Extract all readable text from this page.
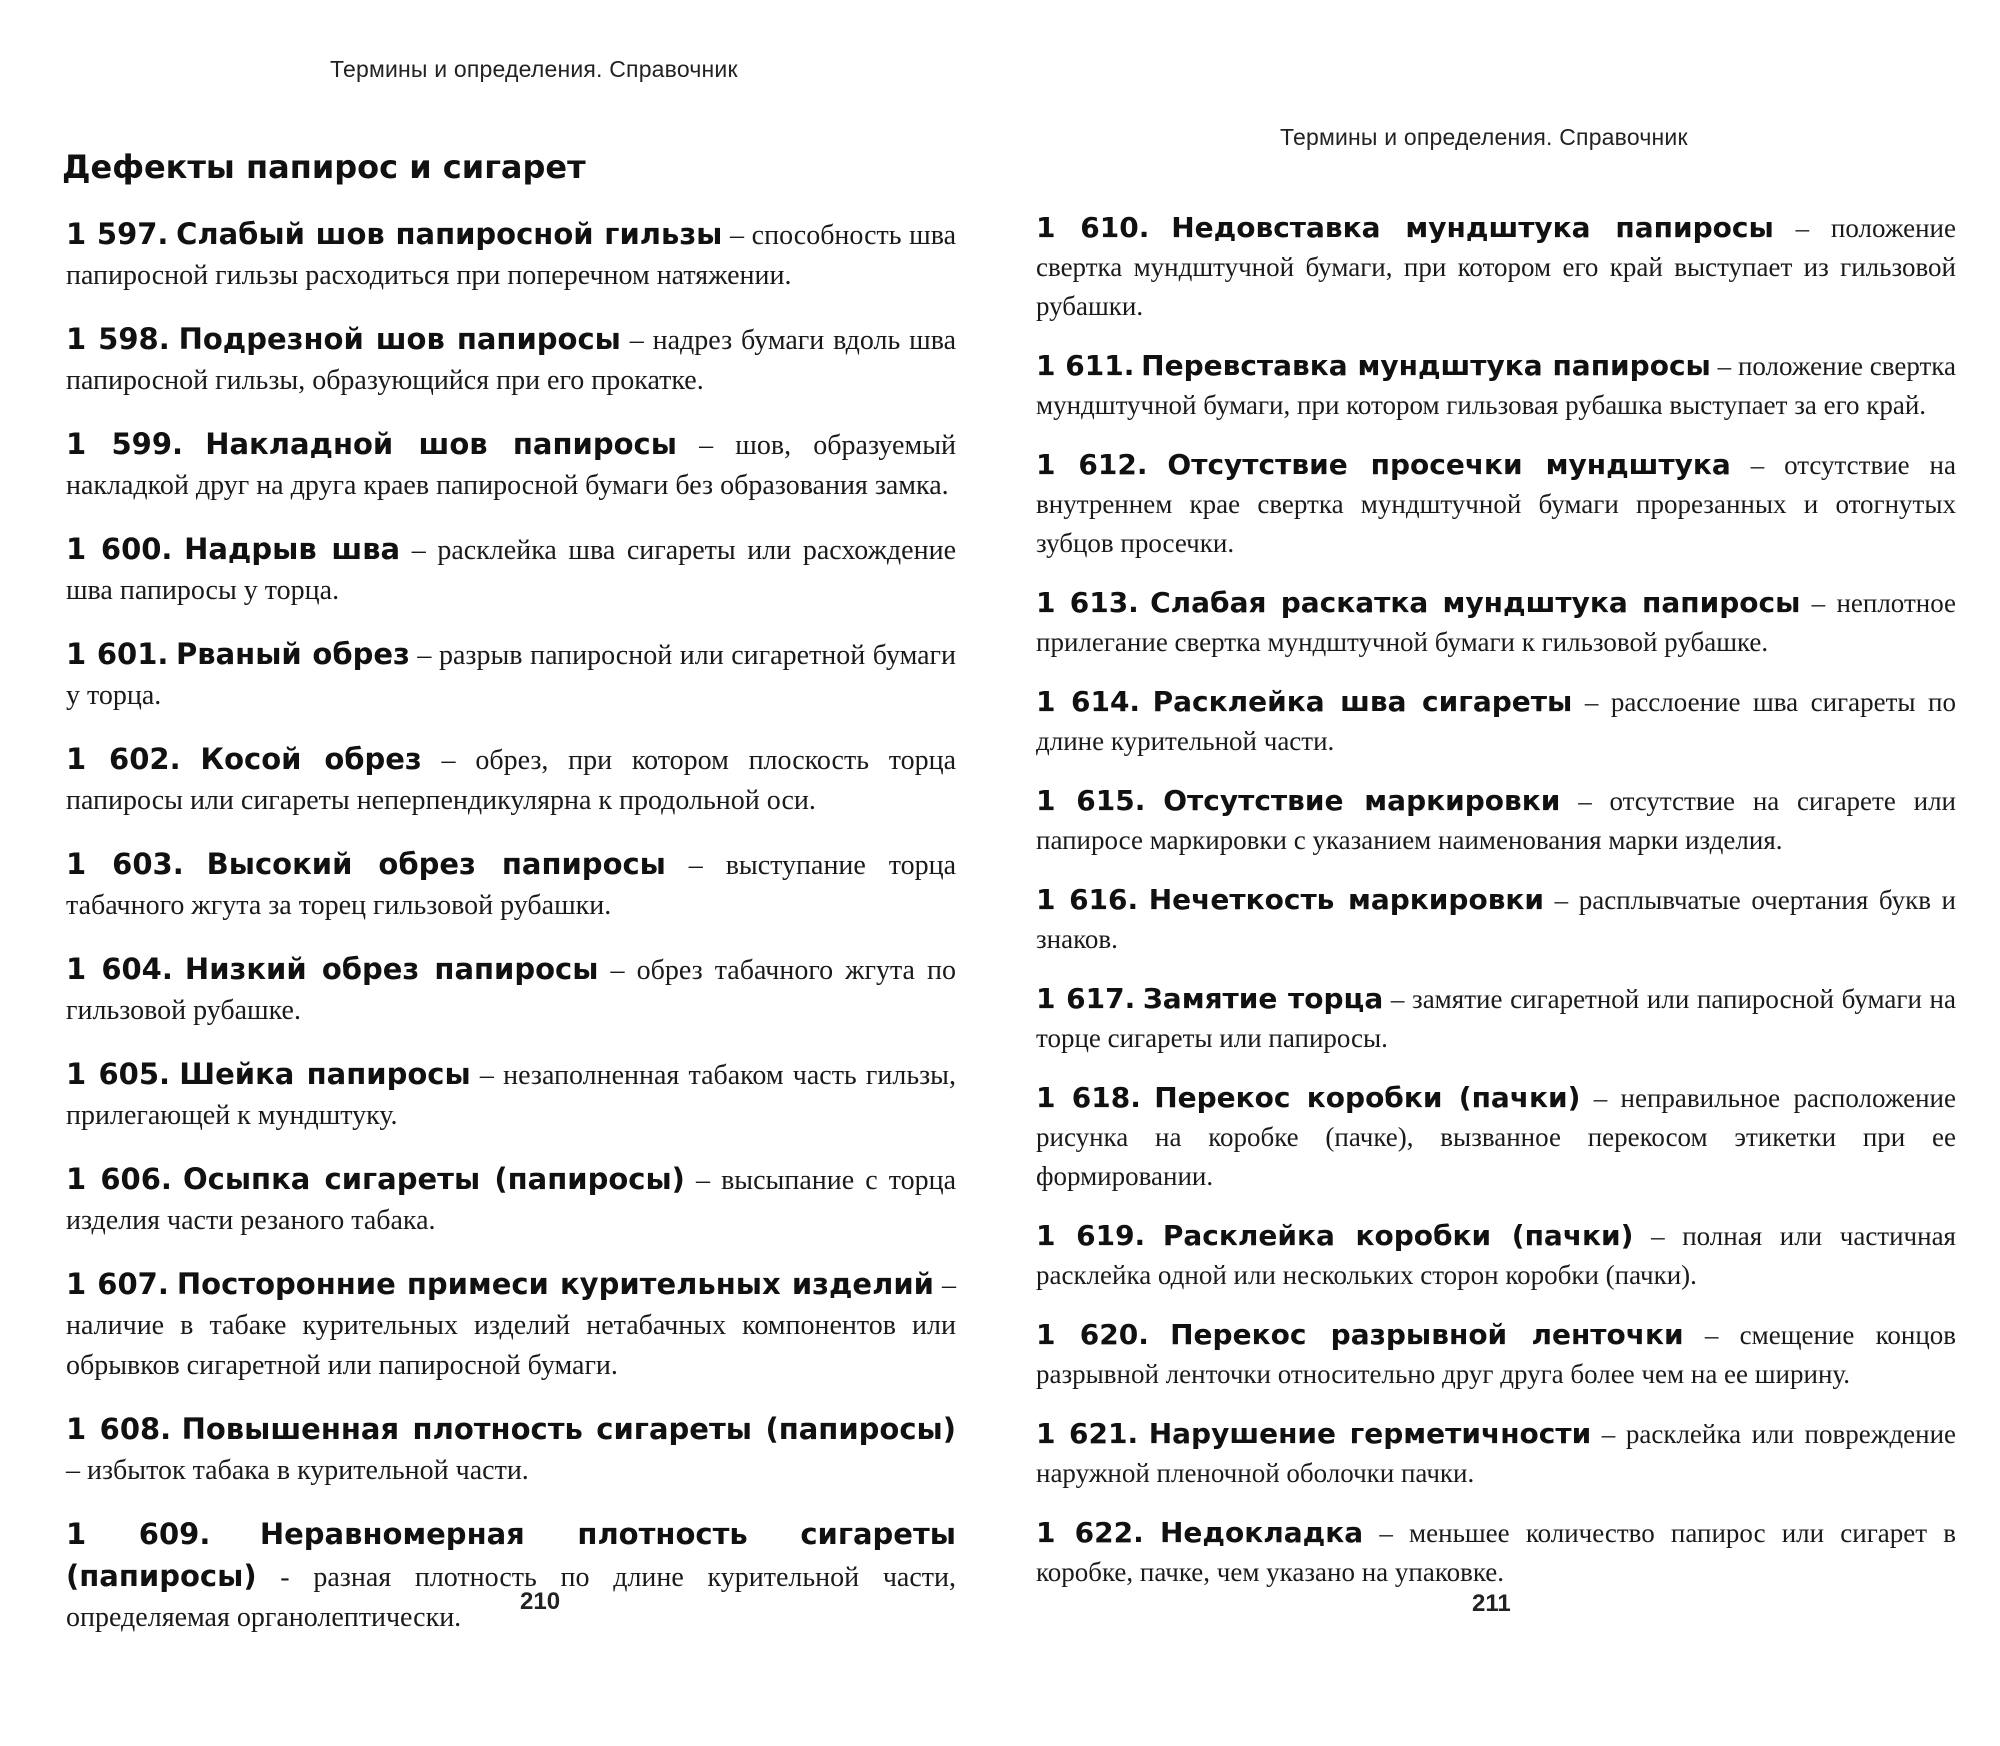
Термины и определения. Справочник
Дефекты папирос и сигарет

1 597. Слабый шов папиросной гильзы – способность шва папиросной гильзы расходиться при поперечном натяжении.

1 598. Подрезной шов папиросы – надрез бумаги вдоль шва папиросной гильзы, образующийся при его прокатке.

1 599. Накладной шов папиросы – шов, образуемый накладкой друг на друга краев папиросной бумаги без образования замка.

1 600. Надрыв шва – расклейка шва сигареты или расхождение шва папиросы у торца.

1 601. Рваный обрез – разрыв папиросной или сигаретной бумаги у торца.

1 602. Косой обрез – обрез, при котором плоскость торца папиросы или сигареты неперпендикулярна к продольной оси.

1 603. Высокий обрез папиросы – выступание торца табачного жгута за торец гильзовой рубашки.

1 604. Низкий обрез папиросы – обрез табачного жгута по гильзовой рубашке.

1 605. Шейка папиросы – незаполненная табаком часть гильзы, прилегающей к мундштуку.

1 606. Осыпка сигареты (папиросы) – высыпание с торца изделия части резаного табака.

1 607. Посторонние примеси курительных изделий – наличие в табаке курительных изделий нетабачных компонентов или обрывков сигаретной или папиросной бумаги.

1 608. Повышенная плотность сигареты (папиросы) – избыток табака в курительной части.

1 609. Неравномерная плотность сигареты (папиросы) - разная плотность по длине курительной части, определяемая органолептически.

210
Термины и определения. Справочник

1 610. Недовставка мундштука папиросы – положение свертка мундштучной бумаги, при котором его край выступает из гильзовой рубашки.

1 611. Перевставка мундштука папиросы – положение свертка мундштучной бумаги, при котором гильзовая рубашка выступает за его край.

1 612. Отсутствие просечки мундштука – отсутствие на внутреннем крае свертка мундштучной бумаги прорезанных и отогнутых зубцов просечки.

1 613. Слабая раскатка мундштука папиросы – неплотное прилегание свертка мундштучной бумаги к гильзовой рубашке.

1 614. Расклейка шва сигареты – расслоение шва сигареты по длине курительной части.

1 615. Отсутствие маркировки – отсутствие на сигарете или папиросе маркировки с указанием наименования марки изделия.

1 616. Нечеткость маркировки – расплывчатые очертания букв и знаков.

1 617. Замятие торца – замятие сигаретной или папиросной бумаги на торце сигареты или папиросы.

1 618. Перекос коробки (пачки) – неправильное расположение рисунка на коробке (пачке), вызванное перекосом этикетки при ее формировании.

1 619. Расклейка коробки (пачки) – полная или частичная расклейка одной или нескольких сторон коробки (пачки).

1 620. Перекос разрывной ленточки – смещение концов разрывной ленточки относительно друг друга более чем на ее ширину.

1 621. Нарушение герметичности – расклейка или повреждение наружной пленочной оболочки пачки.

1 622. Недокладка – меньшее количество папирос или сигарет в коробке, пачке, чем указано на упаковке.

211
